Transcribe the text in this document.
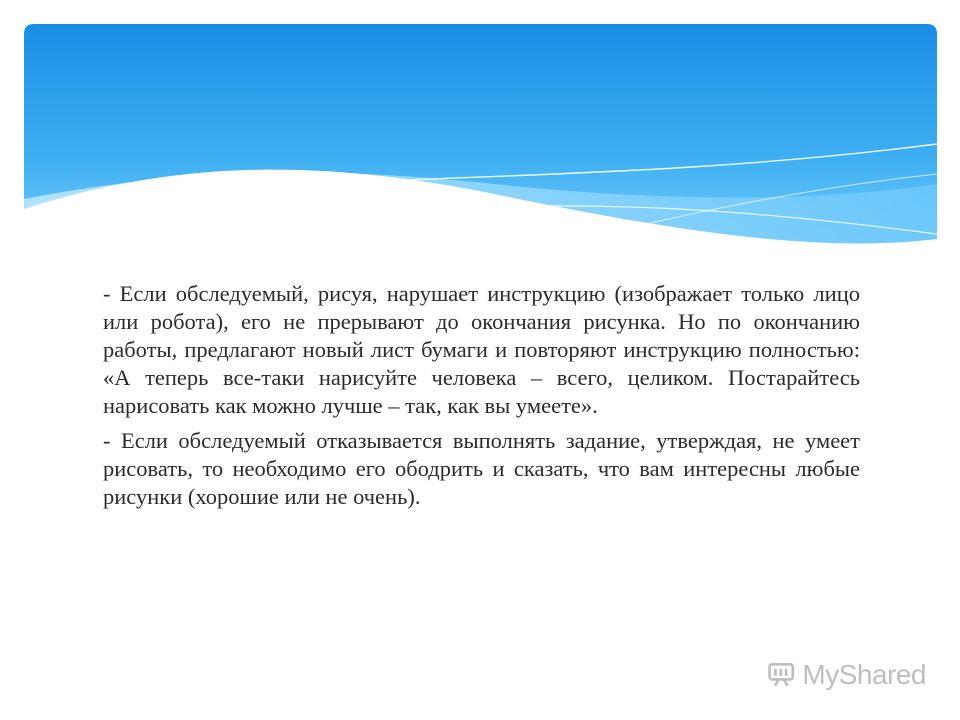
- Если обследуемый, рисуя, нарушает инструкцию (изображает только лицо или робота), его не прерывают до окончания рисунка. Но по окончанию работы, предлагают новый лист бумаги и повторяют инструкцию полностью: «А теперь все-таки нарисуйте человека – всего, целиком. Постарайтесь нарисовать как можно лучше – так, как вы умеете».

- Если обследуемый отказывается выполнять задание, утверждая, не умеет рисовать, то необходимо его ободрить и сказать, что вам интересны любые рисунки (хорошие или не очень).

MyShared
